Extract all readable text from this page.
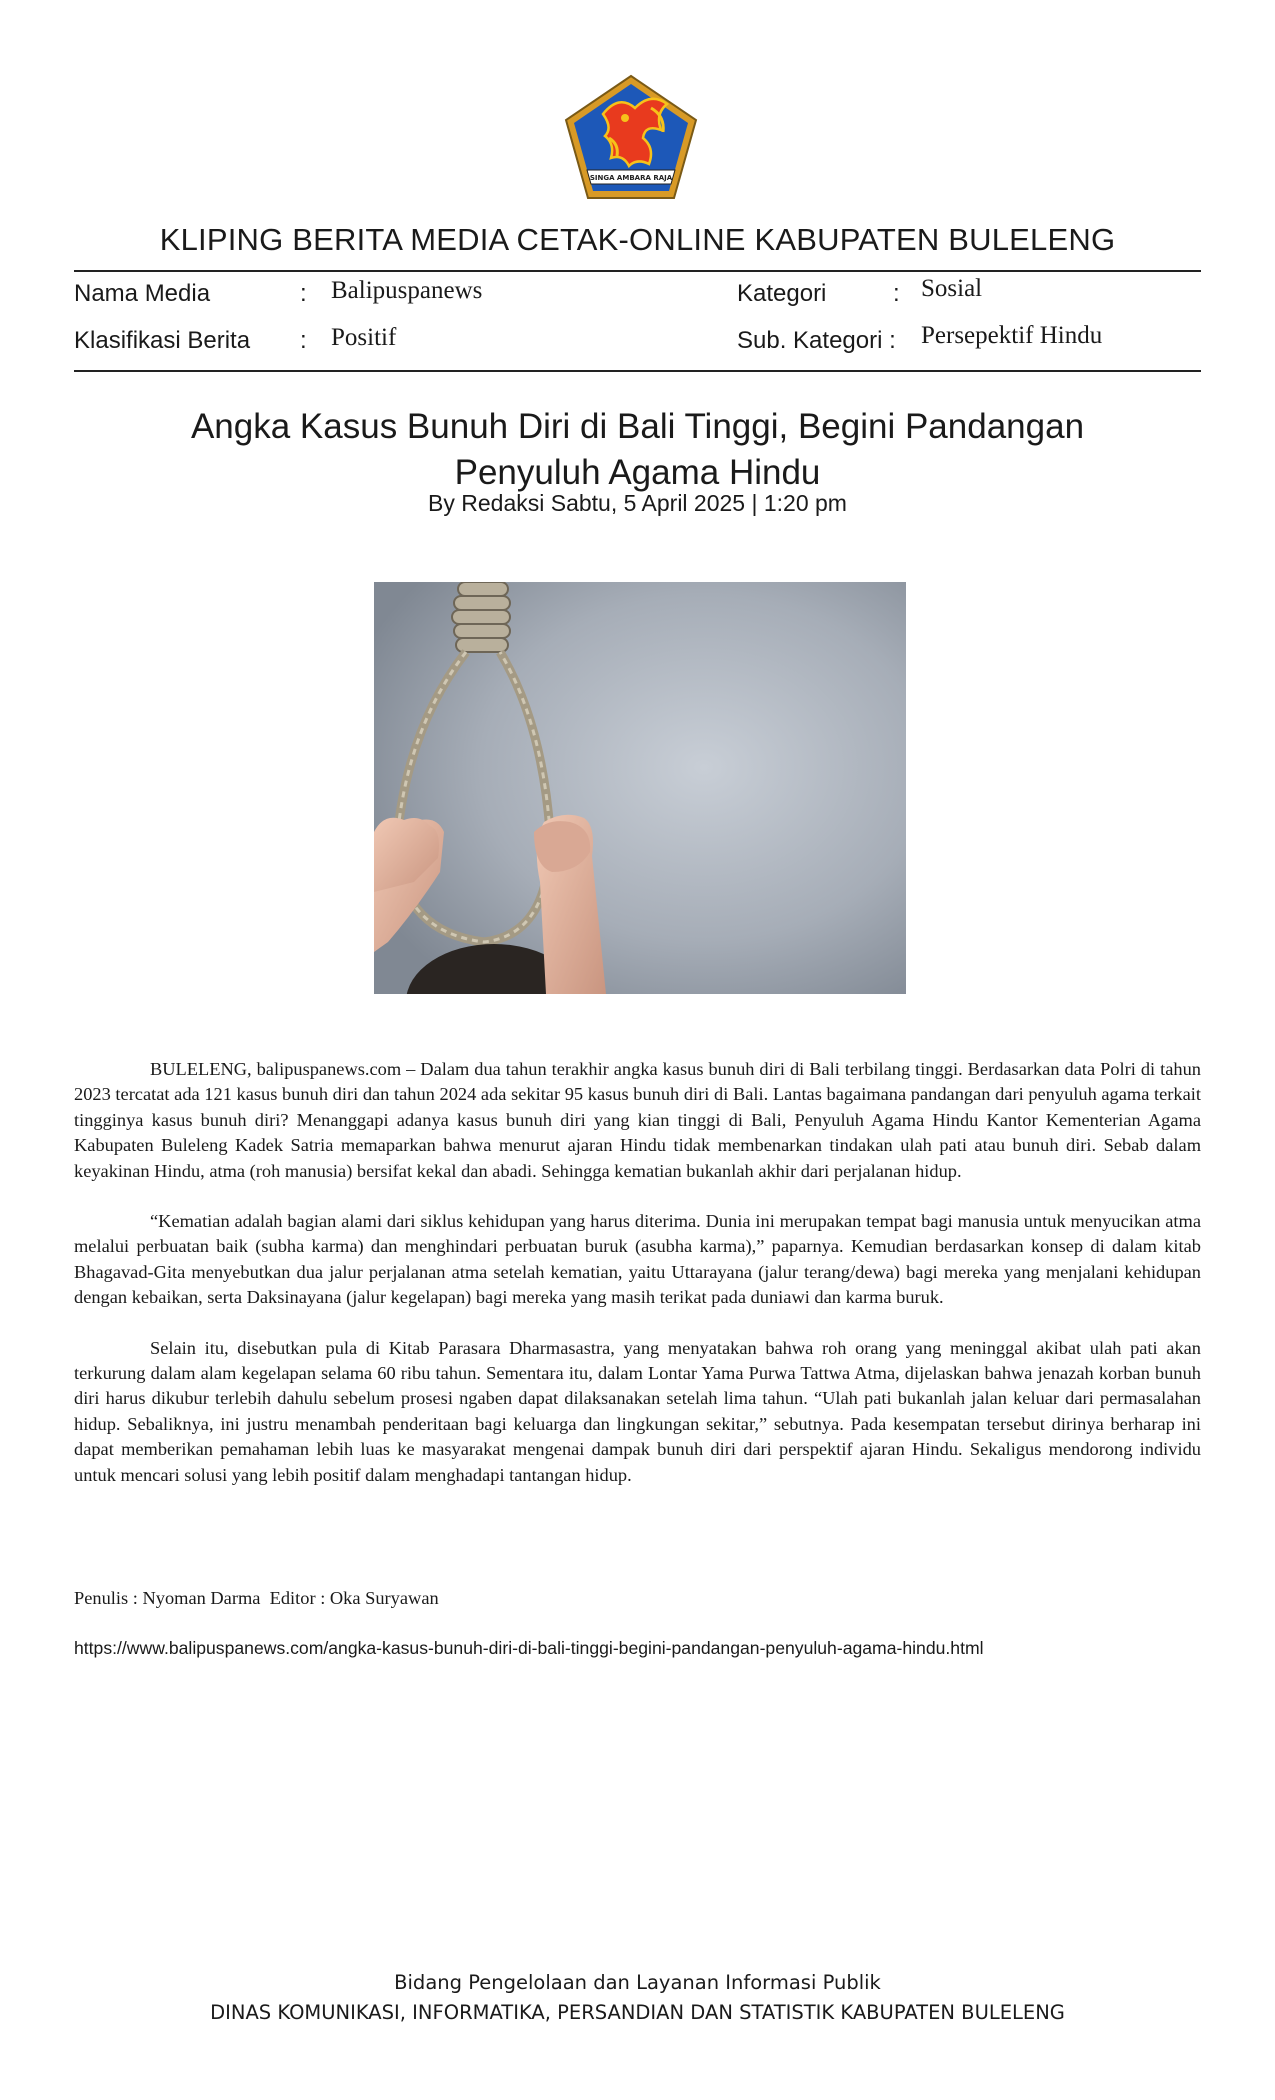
SINGA AMBARA RAJA
KLIPING BERITA MEDIA CETAK-ONLINE KABUPATEN BULELENG
Nama Media	: Balipuspanews
Klasifikasi Berita : Positif
Kategori	: Sosial
Sub. Kategori : Persepektif Hindu
Angka Kasus Bunuh Diri di Bali Tinggi, Begini Pandangan
Penyuluh Agama Hindu
By Redaksi Sabtu, 5 April 2025 | 1:20 pm

BULELENG, balipuspanews.com – Dalam dua tahun terakhir angka kasus bunuh diri di Bali terbilang tinggi. Berdasarkan data Polri di tahun 2023 tercatat ada 121 kasus bunuh diri dan tahun 2024 ada sekitar 95 kasus bunuh diri di Bali. Lantas bagaimana pandangan dari penyuluh agama terkait tingginya kasus bunuh diri? Menanggapi adanya kasus bunuh diri yang kian tinggi di Bali, Penyuluh Agama Hindu Kantor Kementerian Agama Kabupaten Buleleng Kadek Satria memaparkan bahwa menurut ajaran Hindu tidak membenarkan tindakan ulah pati atau bunuh diri. Sebab dalam keyakinan Hindu, atma (roh manusia) bersifat kekal dan abadi. Sehingga kematian bukanlah akhir dari perjalanan hidup.

“Kematian adalah bagian alami dari siklus kehidupan yang harus diterima. Dunia ini merupakan tempat bagi manusia untuk menyucikan atma melalui perbuatan baik (subha karma) dan menghindari perbuatan buruk (asubha karma),” paparnya. Kemudian berdasarkan konsep di dalam kitab Bhagavad-Gita menyebutkan dua jalur perjalanan atma setelah kematian, yaitu Uttarayana (jalur terang/dewa) bagi mereka yang menjalani kehidupan dengan kebaikan, serta Daksinayana (jalur kegelapan) bagi mereka yang masih terikat pada duniawi dan karma buruk.

Selain itu, disebutkan pula di Kitab Parasara Dharmasastra, yang menyatakan bahwa roh orang yang meninggal akibat ulah pati akan terkurung dalam alam kegelapan selama 60 ribu tahun. Sementara itu, dalam Lontar Yama Purwa Tattwa Atma, dijelaskan bahwa jenazah korban bunuh diri harus dikubur terlebih dahulu sebelum prosesi ngaben dapat dilaksanakan setelah lima tahun. “Ulah pati bukanlah jalan keluar dari permasalahan hidup. Sebaliknya, ini justru menambah penderitaan bagi keluarga dan lingkungan sekitar,” sebutnya. Pada kesempatan tersebut dirinya berharap ini dapat memberikan pemahaman lebih luas ke masyarakat mengenai dampak bunuh diri dari perspektif ajaran Hindu. Sekaligus mendorong individu untuk mencari solusi yang lebih positif dalam menghadapi tantangan hidup.

Penulis : Nyoman Darma  Editor : Oka Suryawan
https://www.balipuspanews.com/angka-kasus-bunuh-diri-di-bali-tinggi-begini-pandangan-penyuluh-agama-hindu.html
Bidang Pengelolaan dan Layanan Informasi Publik
DINAS KOMUNIKASI, INFORMATIKA, PERSANDIAN DAN STATISTIK KABUPATEN BULELENG
